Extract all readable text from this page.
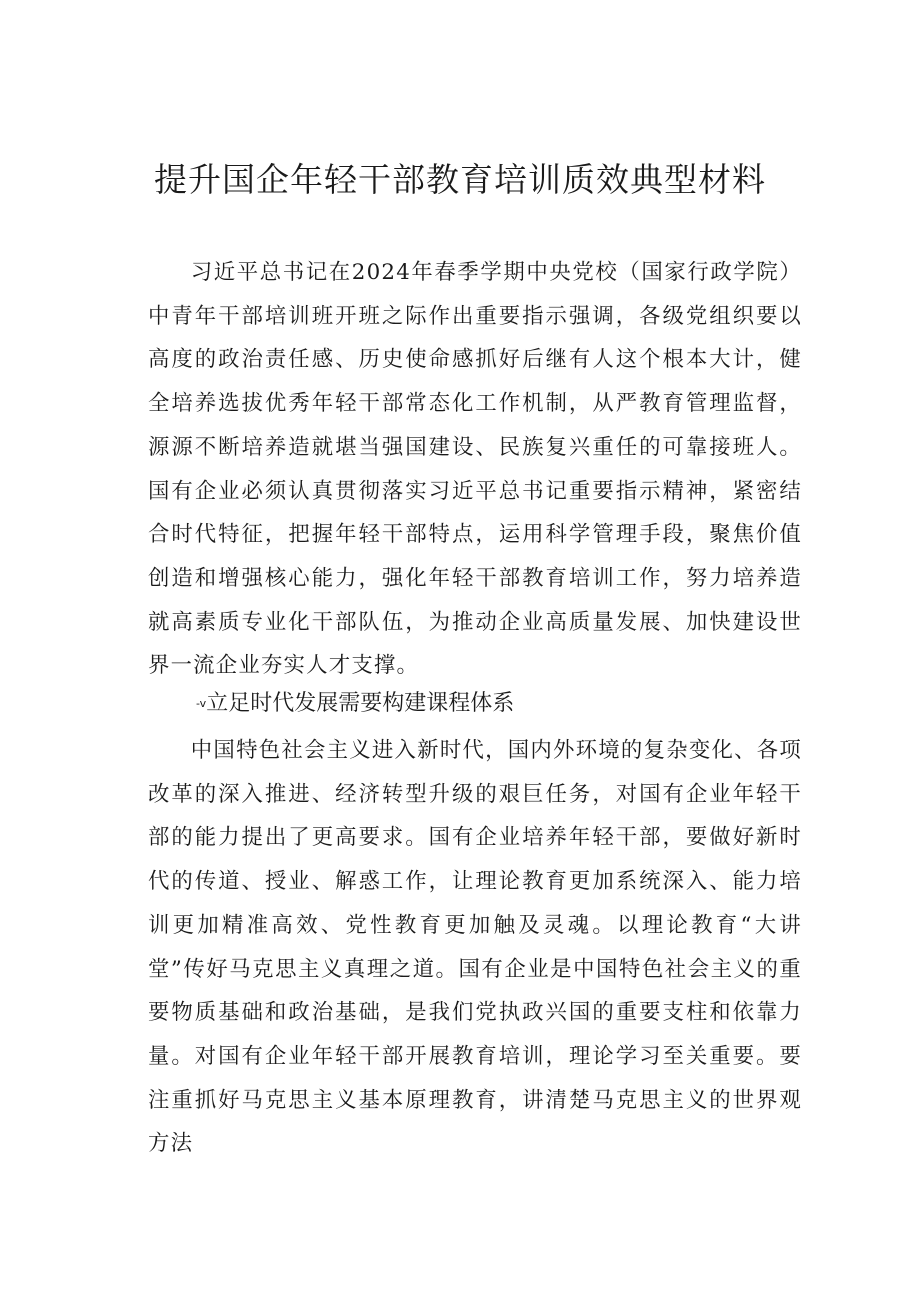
提升国企年轻干部教育培训质效典型材料

习近平总书记在2024年春季学期中央党校（国家行政学院）中青年干部培训班开班之际作出重要指示强调，各级党组织要以高度的政治责任感、历史使命感抓好后继有人这个根本大计，健全培养选拔优秀年轻干部常态化工作机制，从严教育管理监督，源源不断培养造就堪当强国建设、民族复兴重任的可靠接班人。国有企业必须认真贯彻落实习近平总书记重要指示精神，紧密结合时代特征，把握年轻干部特点，运用科学管理手段，聚焦价值创造和增强核心能力，强化年轻干部教育培训工作，努力培养造就高素质专业化干部队伍，为推动企业高质量发展、加快建设世界一流企业夯实人才支撑。

-v立足时代发展需要构建课程体系

中国特色社会主义进入新时代，国内外环境的复杂变化、各项改革的深入推进、经济转型升级的艰巨任务，对国有企业年轻干部的能力提出了更高要求。国有企业培养年轻干部，要做好新时代的传道、授业、解惑工作，让理论教育更加系统深入、能力培训更加精准高效、党性教育更加触及灵魂。以理论教育“大讲堂”传好马克思主义真理之道。国有企业是中国特色社会主义的重要物质基础和政治基础，是我们党执政兴国的重要支柱和依靠力量。对国有企业年轻干部开展教育培训，理论学习至关重要。要注重抓好马克思主义基本原理教育，讲清楚马克思主义的世界观方法
